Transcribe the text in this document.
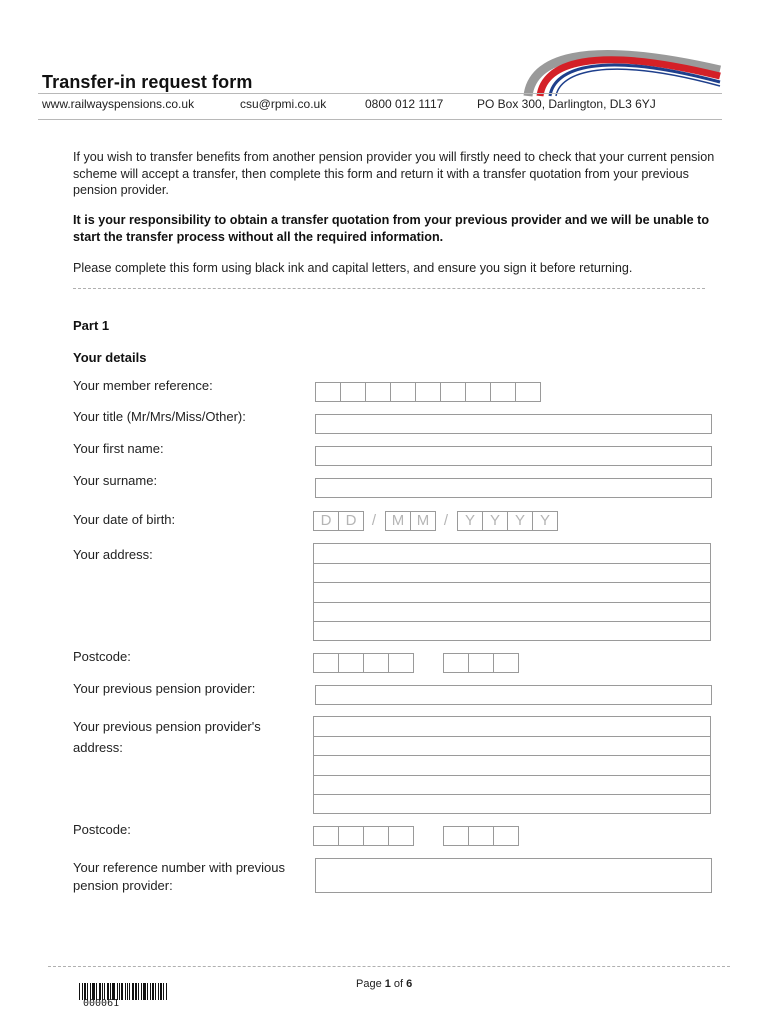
Transfer-in request form
www.railwayspensions.co.uk	csu@rpmi.co.uk	0800 012 1117	PO Box 300, Darlington, DL3 6YJ
If you wish to transfer benefits from another pension provider you will firstly need to check that your current pension scheme will accept a transfer, then complete this form and return it with a transfer quotation from your previous pension provider.
It is your responsibility to obtain a transfer quotation from your previous provider and we will be unable to start the transfer process without all the required information.
Please complete this form using black ink and capital letters, and ensure you sign it before returning.
Part 1
Your details
Your member reference:
Your title (Mr/Mrs/Miss/Other):
Your first name:
Your surname:
Your date of birth:	D D	/	M M /	Y Y Y Y
Your address:
Postcode:
Your previous pension provider:
Your previous pension provider's
address:
Postcode:
Your reference number with previous
pension provider:
Page 1 of 6
000061
